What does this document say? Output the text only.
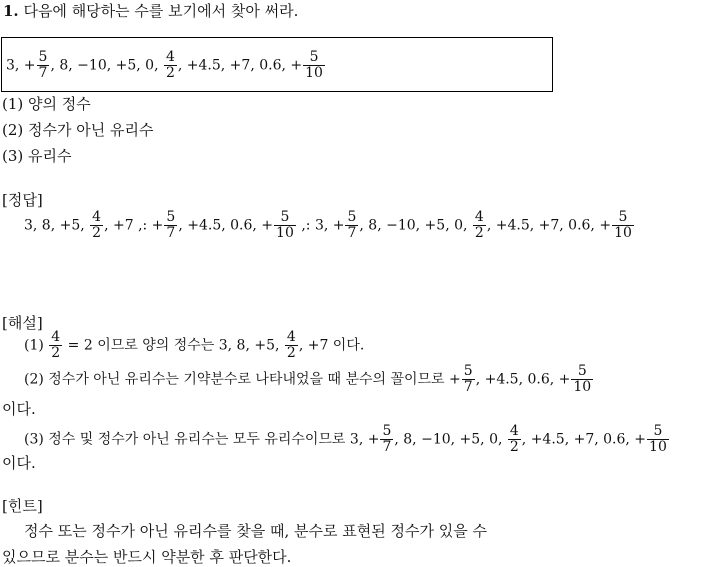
1. 다음에 해당하는 수를 보기에서 찾아 써라.
3, + $\frac{5}{7}$ , 8, −10, +5, 0, $\frac{4}{2}$ , +4.5, +7, 0.6, + $\frac{5}{10}$
(1) 양의 정수
(2) 정수가 아닌 유리수
(3) 유리수
[정답]
3, 8, +5, $\frac{4}{2}$ , +7 ,: + $\frac{5}{7}$ , +4.5, 0.6, + $\frac{5}{10}$ ,: 3, + $\frac{5}{7}$ , 8, −10, +5, 0, $\frac{4}{2}$ , +4.5, +7, 0.6, + $\frac{5}{10}$
[해설]
$(1) \frac{4}{2} = 2$ 이므로 양의 정수는 3, 8, +5, $\frac{4}{2}$ , +7 이다.
(2) 정수가 아닌 유리수는 기약분수로 나타내었을 때 분수의 꼴이므로 + $\frac{5}{7}$ , +4.5, 0.6, + $\frac{5}{10}$
이다.
(3) 정수 및 정수가 아닌 유리수는 모두 유리수이므로 3, + $\frac{5}{7}$ , 8, −10, +5, 0, $\frac{4}{2}$ , +4.5, +7, 0.6, + $\frac{5}{10}$
이다.
[힌트]
정수 또는 정수가 아닌 유리수를 찾을 때, 분수로 표현된 정수가 있을 수
있으므로 분수는 반드시 약분한 후 판단한다.
